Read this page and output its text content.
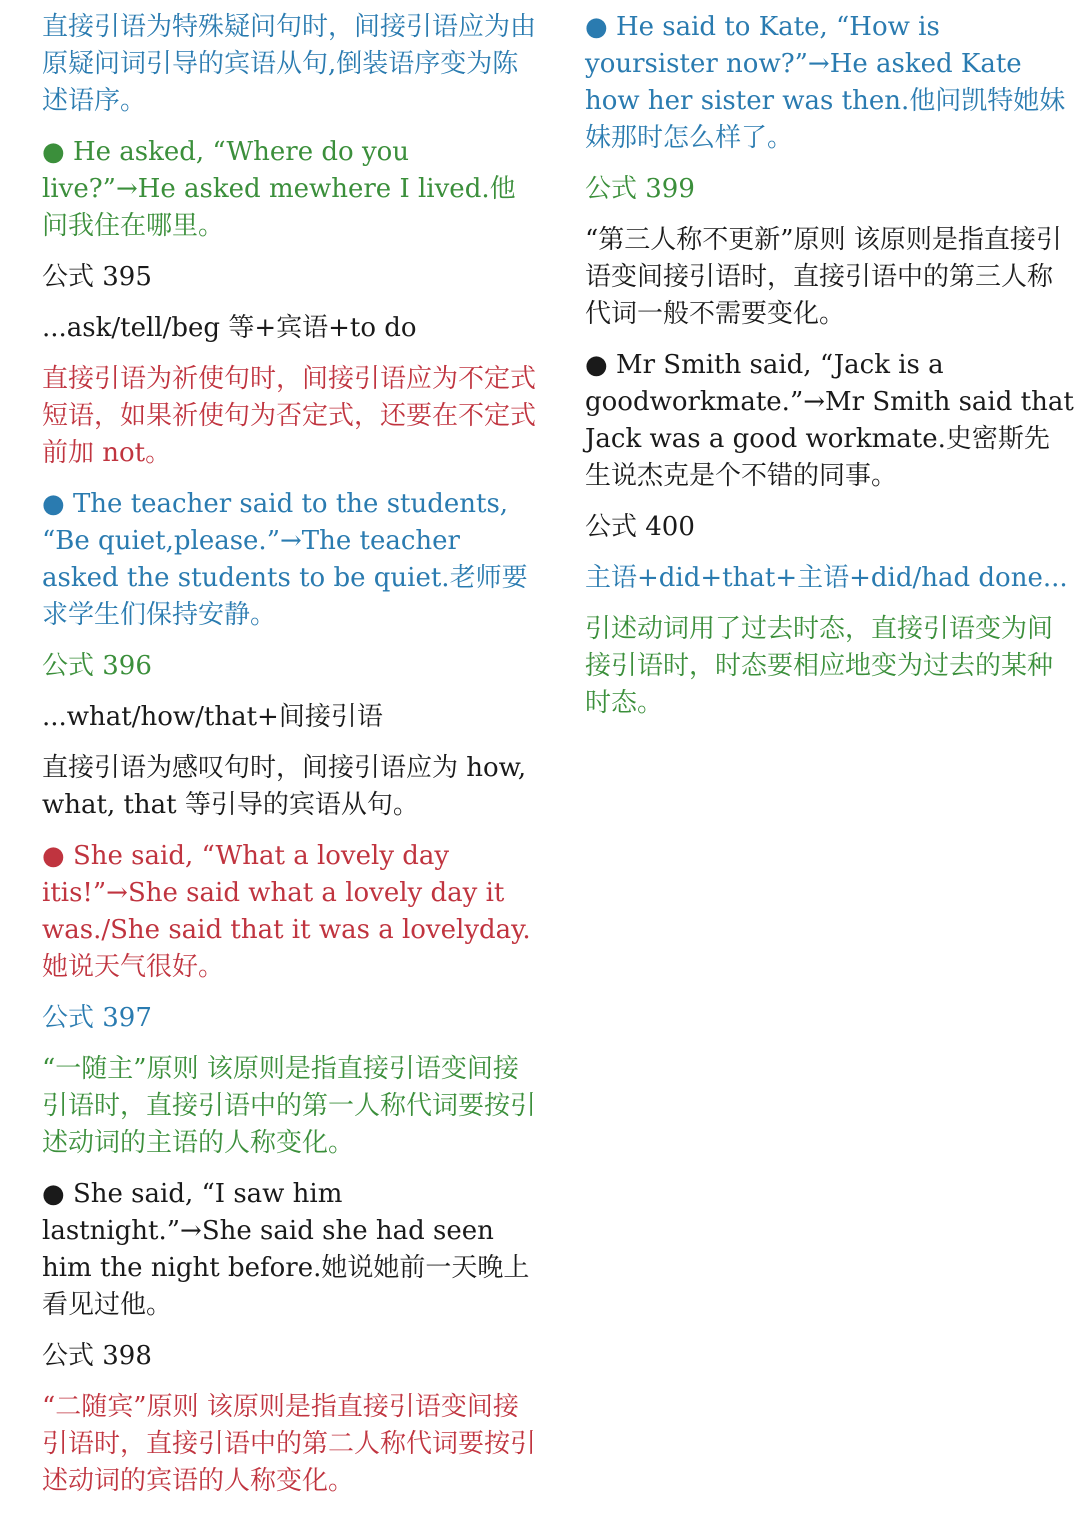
直接引语为特殊疑问句时，间接引语应为由原疑问词引导的宾语从句,倒装语序变为陈述语序。

● He asked, “Where do you live?”→He asked mewhere I lived.他问我住在哪里。

公式 395

...ask/tell/beg 等+宾语+to do

直接引语为祈使句时，间接引语应为不定式短语，如果祈使句为否定式，还要在不定式前加 not。

● The teacher said to the students, “Be quiet,please.”→The teacher asked the students to be quiet.老师要求学生们保持安静。

公式 396

...what/how/that+间接引语

直接引语为感叹句时，间接引语应为 how, what, that 等引导的宾语从句。

● She said, “What a lovely day itis!”→She said what a lovely day it was./She said that it was a lovelyday.她说天气很好。

公式 397

“一随主”原则 该原则是指直接引语变间接引语时，直接引语中的第一人称代词要按引述动词的主语的人称变化。

● She said, “I saw him lastnight.”→She said she had seen him the night before.她说她前一天晚上看见过他。

公式 398

“二随宾”原则 该原则是指直接引语变间接引语时，直接引语中的第二人称代词要按引述动词的宾语的人称变化。

● He said to Kate, “How is yoursister now?”→He asked Kate how her sister was then.他问凯特她妹妹那时怎么样了。

公式 399

“第三人称不更新”原则 该原则是指直接引语变间接引语时，直接引语中的第三人称代词一般不需要变化。

● Mr Smith said, “Jack is a goodworkmate.”→Mr Smith said that Jack was a good workmate.史密斯先生说杰克是个不错的同事。

公式 400

主语+did+that+主语+did/had done...

引述动词用了过去时态，直接引语变为间接引语时，时态要相应地变为过去的某种时态。
